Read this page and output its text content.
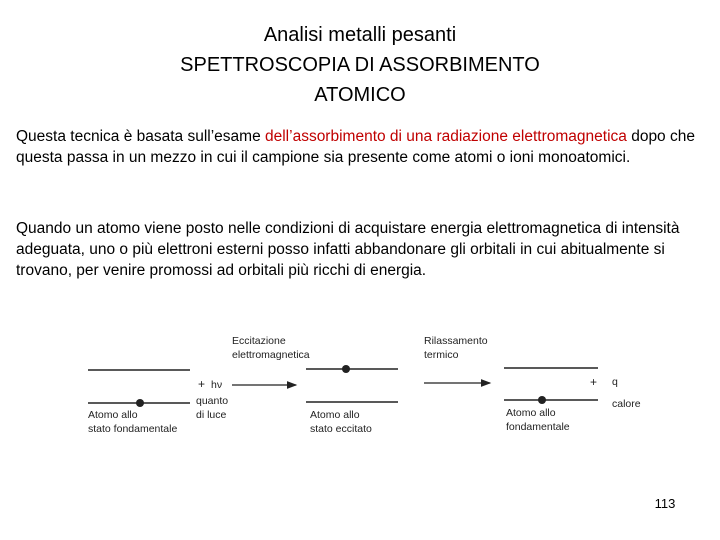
Analisi metalli pesanti
SPETTROSCOPIA DI ASSORBIMENTO
ATOMICO

Questa tecnica è basata sull’esame dell’assorbimento di una radiazione elettromagnetica dopo che questa passa in un mezzo in cui il campione sia presente come atomi o ioni monoatomici.

Quando un atomo viene posto nelle condizioni di acquistare energia elettromagnetica di intensità adeguata, uno o più elettroni esterni posso infatti abbandonare gli orbitali in cui abitualmente si trovano, per venire promossi ad orbitali più ricchi di energia.

Atomo allo
stato fondamentale
+ hν
quanto
di luce
Eccitazione
elettromagnetica
Atomo allo
stato eccitato
Rilassamento
termico
+ q
calore
Atomo allo
fondamentale
113
